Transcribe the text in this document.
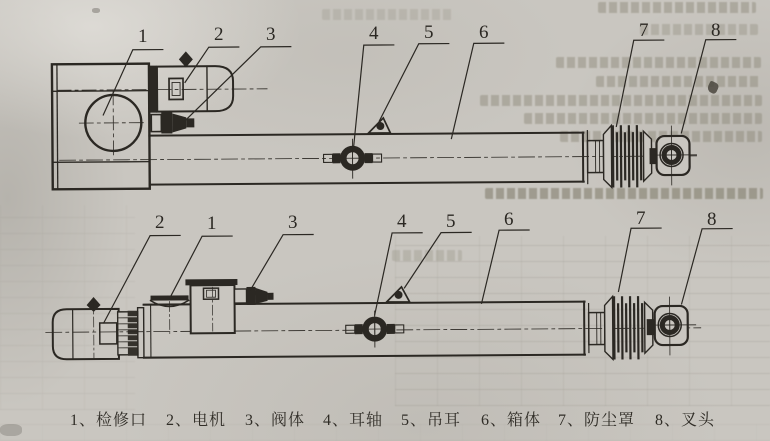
1	2 3	4 5 6	7	8
2 1	3	4 5	6	7	8
1、检修口 2、电机 3、阀体 4、耳轴 5、吊耳 6、箱体 7、防尘罩 8、叉头
